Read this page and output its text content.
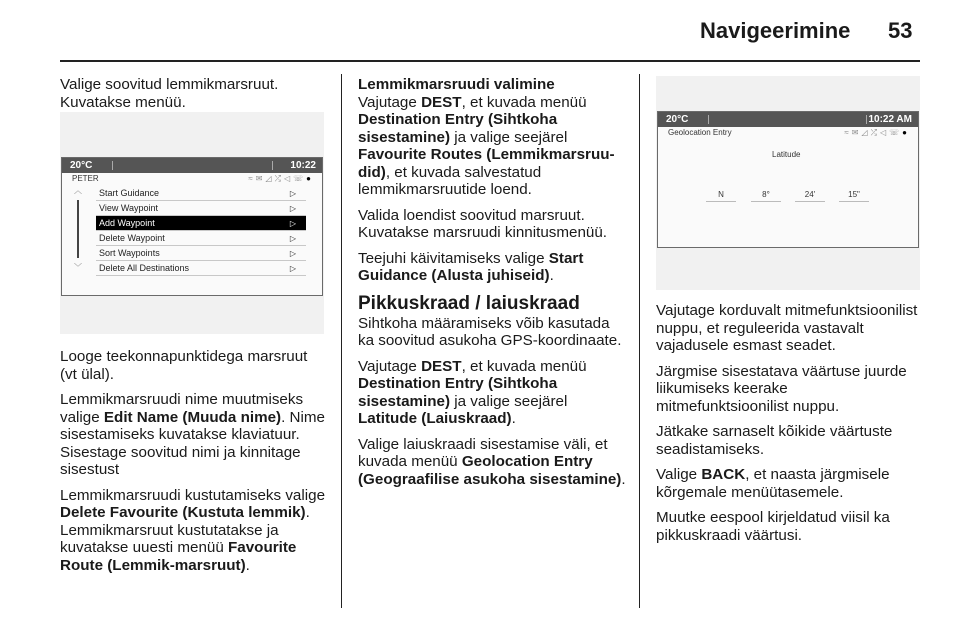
Navigeerimine 53

Valige soovitud lemmikmarsruut. Kuvatakse menüü.

20°C	10:22
PETER	≈✉◿⤮◁☏●
︿
﹀
Start Guidance	▷
View Waypoint	▷
Add Waypoint	▷
Delete Waypoint	▷
Sort Waypoints	▷
Delete All Destinations	▷

Looge teekonnapunktidega marsruut (vt ülal).

Lemmikmarsruudi nime muutmiseks valige Edit Name (Muuda nime). Nime sisestamiseks kuvatakse klaviatuur. Sisestage soovitud nimi ja kinnitage sisestust

Lemmikmarsruudi kustutamiseks valige Delete Favourite (Kustuta lemmik). Lemmikmarsruut kustutatakse ja kuvatakse uuesti menüü Favourite Route (Lemmik-marsruut).

Lemmikmarsruudi valimine

Vajutage DEST, et kuvada menüü Destination Entry (Sihtkoha sisestamine) ja valige seejärel Favourite Routes (Lemmikmarsruu-did), et kuvada salvestatud lemmikmarsruutide loend.

Valida loendist soovitud marsruut. Kuvatakse marsruudi kinnitusmenüü.

Teejuhi käivitamiseks valige Start Guidance (Alusta juhiseid).

Pikkuskraad / laiuskraad

Sihtkoha määramiseks võib kasutada ka soovitud asukoha GPS-koordinaate.

Vajutage DEST, et kuvada menüü Destination Entry (Sihtkoha sisestamine) ja valige seejärel Latitude (Laiuskraad).

Valige laiuskraadi sisestamise väli, et kuvada menüü Geolocation Entry (Geograafilise asukoha sisestamine).

20°C	10:22 AM
Geolocation Entry	≈✉◿⤮◁☏●
Latitude
N	8°	24'	15"

Vajutage korduvalt mitmefunktsioonilist nuppu, et reguleerida vastavalt vajadusele esmast seadet.

Järgmise sisestatava väärtuse juurde liikumiseks keerake mitmefunktsioonilist nuppu.

Jätkake sarnaselt kõikide väärtuste seadistamiseks.

Valige BACK, et naasta järgmisele kõrgemale menüütasemele.

Muutke eespool kirjeldatud viisil ka pikkuskraadi väärtusi.
